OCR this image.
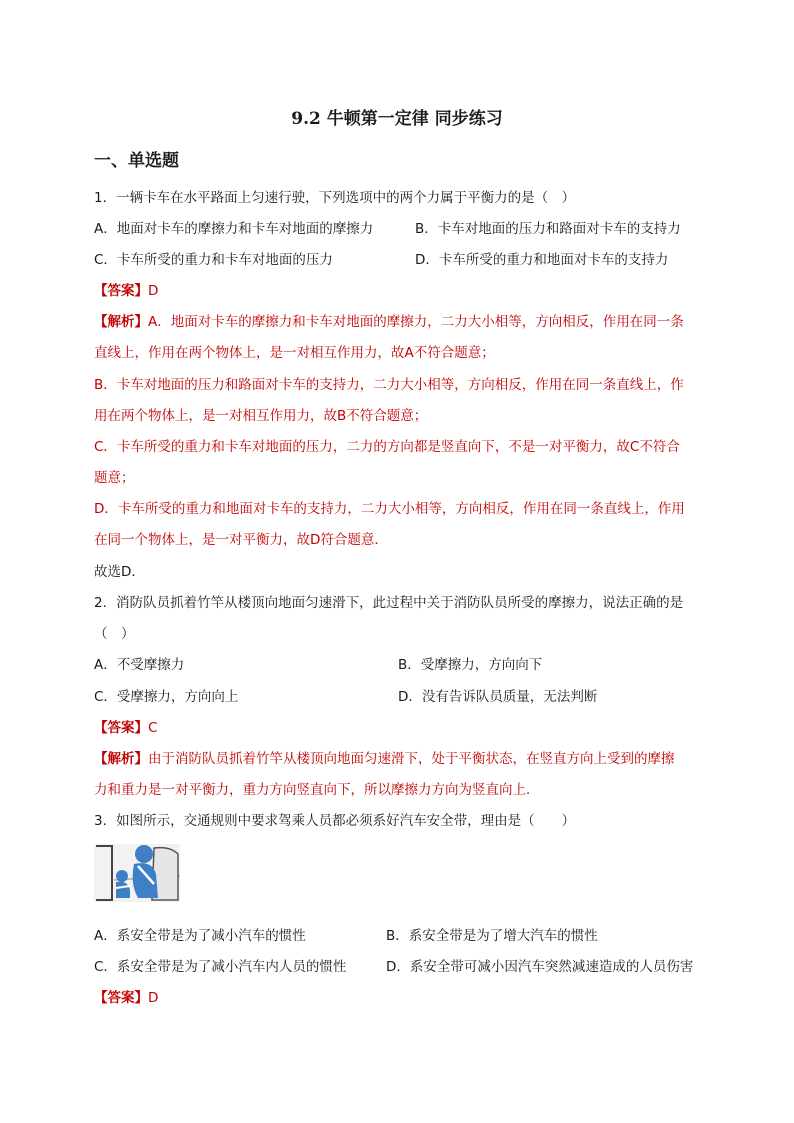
9.2 牛顿第一定律 同步练习
一、单选题
1．一辆卡车在水平路面上匀速行驶，下列选项中的两个力属于平衡力的是（　）
A．地面对卡车的摩擦力和卡车对地面的摩擦力	B．卡车对地面的压力和路面对卡车的支持力
C．卡车所受的重力和卡车对地面的压力	D．卡车所受的重力和地面对卡车的支持力
【答案】D
【解析】A．地面对卡车的摩擦力和卡车对地面的摩擦力，二力大小相等，方向相反，作用在同一条
直线上，作用在两个物体上，是一对相互作用力，故A不符合题意；
B．卡车对地面的压力和路面对卡车的支持力，二力大小相等，方向相反，作用在同一条直线上，作
用在两个物体上，是一对相互作用力，故B不符合题意；
C．卡车所受的重力和卡车对地面的压力，二力的方向都是竖直向下，不是一对平衡力，故C不符合
题意；
D．卡车所受的重力和地面对卡车的支持力，二力大小相等，方向相反，作用在同一条直线上，作用
在同一个物体上，是一对平衡力，故D符合题意．
故选D．
2．消防队员抓着竹竿从楼顶向地面匀速滑下，此过程中关于消防队员所受的摩擦力，说法正确的是
（　）
A．不受摩擦力	B．受摩擦力，方向向下
C．受摩擦力，方向向上	D．没有告诉队员质量，无法判断
【答案】C
【解析】由于消防队员抓着竹竿从楼顶向地面匀速滑下，处于平衡状态，在竖直方向上受到的摩擦
力和重力是一对平衡力，重力方向竖直向下，所以摩擦力方向为竖直向上．
3．如图所示，交通规则中要求驾乘人员都必须系好汽车安全带，理由是（　　）
A．系安全带是为了减小汽车的惯性	B．系安全带是为了增大汽车的惯性
C．系安全带是为了减小汽车内人员的惯性	D．系安全带可减小因汽车突然减速造成的人员伤害
【答案】D
